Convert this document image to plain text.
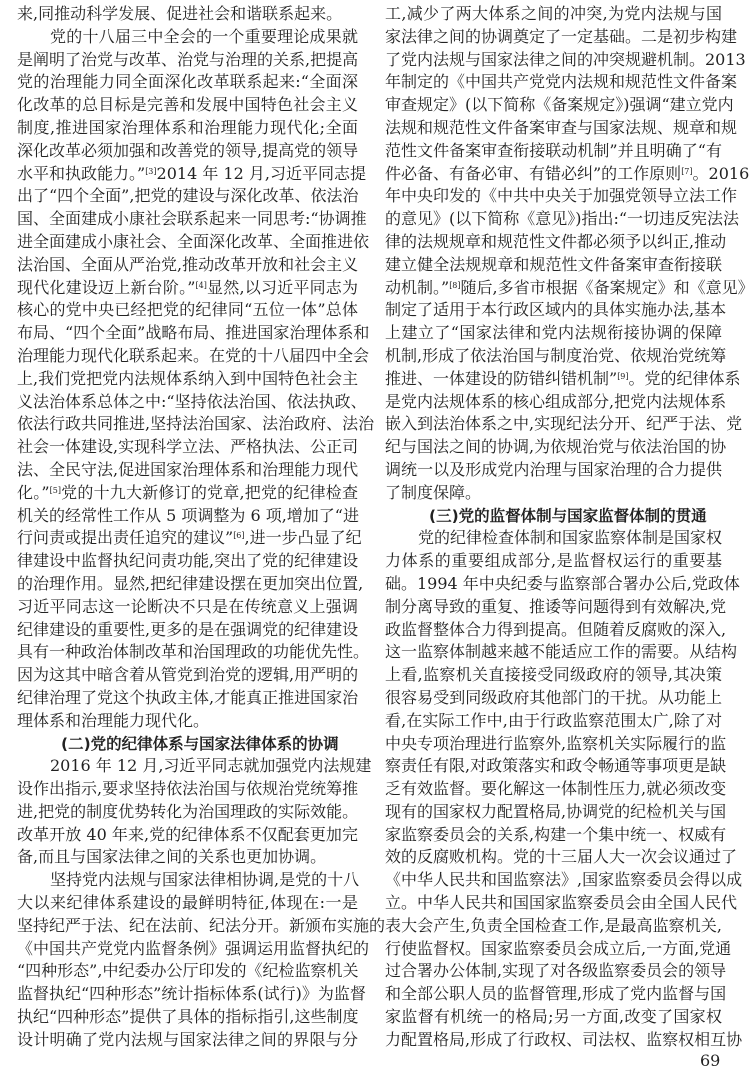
来,同推动科学发展、促进社会和谐联系起来。
党的十八届三中全会的一个重要理论成果就
是阐明了治党与改革、治党与治理的关系,把提高
党的治理能力同全面深化改革联系起来:“全面深
化改革的总目标是完善和发展中国特色社会主义
制度,推进国家治理体系和治理能力现代化;全面
深化改革必须加强和改善党的领导,提高党的领导
水平和执政能力。”[3]2014 年 12 月,习近平同志提
出了“四个全面”,把党的建设与深化改革、依法治
国、全面建成小康社会联系起来一同思考:“协调推
进全面建成小康社会、全面深化改革、全面推进依
法治国、全面从严治党,推动改革开放和社会主义
现代化建设迈上新台阶。”[4]显然,以习近平同志为
核心的党中央已经把党的纪律同“五位一体”总体
布局、“四个全面”战略布局、推进国家治理体系和
治理能力现代化联系起来。在党的十八届四中全会
上,我们党把党内法规体系纳入到中国特色社会主
义法治体系总体之中:“坚持依法治国、依法执政、
依法行政共同推进,坚持法治国家、法治政府、法治
社会一体建设,实现科学立法、严格执法、公正司
法、全民守法,促进国家治理体系和治理能力现代
化。”[5]党的十九大新修订的党章,把党的纪律检查
机关的经常性工作从 5 项调整为 6 项,增加了“进
行问责或提出责任追究的建议”[6],进一步凸显了纪
律建设中监督执纪问责功能,突出了党的纪律建设
的治理作用。显然,把纪律建设摆在更加突出位置,
习近平同志这一论断决不只是在传统意义上强调
纪律建设的重要性,更多的是在强调党的纪律建设
具有一种政治体制改革和治国理政的功能优先性。
因为这其中暗含着从管党到治党的逻辑,用严明的
纪律治理了党这个执政主体,才能真正推进国家治
理体系和治理能力现代化。
(二)党的纪律体系与国家法律体系的协调
2016 年 12 月,习近平同志就加强党内法规建
设作出指示,要求坚持依法治国与依规治党统筹推
进,把党的制度优势转化为治国理政的实际效能。
改革开放 40 年来,党的纪律体系不仅配套更加完
备,而且与国家法律之间的关系也更加协调。
坚持党内法规与国家法律相协调,是党的十八
大以来纪律体系建设的最鲜明特征,体现在:一是
坚持纪严于法、纪在法前、纪法分开。新颁布实施的
《中国共产党党内监督条例》强调运用监督执纪的
“四种形态”,中纪委办公厅印发的《纪检监察机关
监督执纪“四种形态”统计指标体系(试行)》为监督
执纪“四种形态”提供了具体的指标指引,这些制度
设计明确了党内法规与国家法律之间的界限与分
工,减少了两大体系之间的冲突,为党内法规与国
家法律之间的协调奠定了一定基础。二是初步构建
了党内法规与国家法律之间的冲突规避机制。2013
年制定的《中国共产党党内法规和规范性文件备案
审查规定》(以下简称《备案规定》)强调“建立党内
法规和规范性文件备案审查与国家法规、规章和规
范性文件备案审查衔接联动机制”并且明确了“有
件必备、有备必审、有错必纠”的工作原则[7]。2016
年中央印发的《中共中央关于加强党领导立法工作
的意见》(以下简称《意见》)指出:“一切违反宪法法
律的法规规章和规范性文件都必须予以纠正,推动
建立健全法规规章和规范性文件备案审查衔接联
动机制。”[8]随后,多省市根据《备案规定》和《意见》
制定了适用于本行政区域内的具体实施办法,基本
上建立了“国家法律和党内法规衔接协调的保障
机制,形成了依法治国与制度治党、依规治党统筹
推进、一体建设的防错纠错机制”[9]。党的纪律体系
是党内法规体系的核心组成部分,把党内法规体系
嵌入到法治体系之中,实现纪法分开、纪严于法、党
纪与国法之间的协调,为依规治党与依法治国的协
调统一以及形成党内治理与国家治理的合力提供
了制度保障。
(三)党的监督体制与国家监督体制的贯通
党的纪律检查体制和国家监察体制是国家权
力体系的重要组成部分,是监督权运行的重要基
础。1994 年中央纪委与监察部合署办公后,党政体
制分离导致的重复、推诿等问题得到有效解决,党
政监督整体合力得到提高。但随着反腐败的深入,
这一监察体制越来越不能适应工作的需要。从结构
上看,监察机关直接接受同级政府的领导,其决策
很容易受到同级政府其他部门的干扰。从功能上
看,在实际工作中,由于行政监察范围太广,除了对
中央专项治理进行监察外,监察机关实际履行的监
察责任有限,对政策落实和政令畅通等事项更是缺
乏有效监督。要化解这一体制性压力,就必须改变
现有的国家权力配置格局,协调党的纪检机关与国
家监察委员会的关系,构建一个集中统一、权威有
效的反腐败机构。党的十三届人大一次会议通过了
《中华人民共和国监察法》,国家监察委员会得以成
立。中华人民共和国国家监察委员会由全国人民代
表大会产生,负责全国检查工作,是最高监察机关,
行使监督权。国家监察委员会成立后,一方面,党通
过合署办公体制,实现了对各级监察委员会的领导
和全部公职人员的监督管理,形成了党内监督与国
家监督有机统一的格局;另一方面,改变了国家权
力配置格局,形成了行政权、司法权、监察权相互协
69
